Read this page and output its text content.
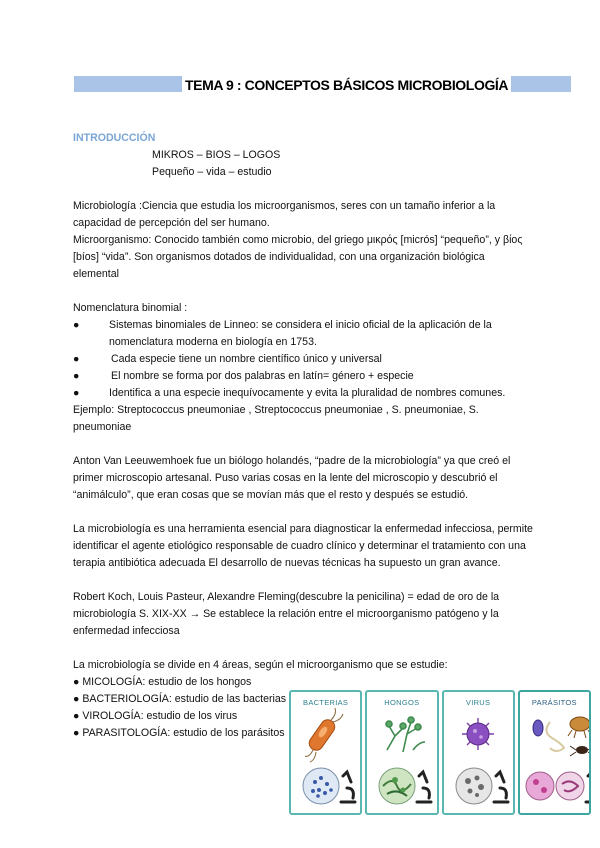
TEMA 9 : CONCEPTOS BÁSICOS MICROBIOLOGÍA

INTRODUCCIÓN

MIKROS – BIOS – LOGOS

Pequeño – vida – estudio

Microbiología :Ciencia que estudia los microorganismos, seres con un tamaño inferior a la capacidad de percepción del ser humano.

Microorganismo: Conocido también como microbio, del griego μικρός [micrós] “pequeño”, y βίος [bíos] “vida”. Son organismos dotados de individualidad, con una organización biológica elemental

Nomenclatura binomial :

●	Sistemas binomiales de Linneo: se considera el inicio oficial de la aplicación de la nomenclatura moderna en biología en 1753.
●	Cada especie tiene un nombre científico único y universal
●	El nombre se forma por dos palabras en latín= género + especie
●	Identifica a una especie inequívocamente y evita la pluralidad de nombres comunes.

Ejemplo: Streptococcus pneumoniae , Streptococcus pneumoniae , S. pneumoniae, S. pneumoniae

Anton Van Leeuwemhoek fue un biólogo holandés, “padre de la microbiología” ya que creó el primer microscopio artesanal. Puso varias cosas en la lente del microscopio y descubrió el “animálculo”, que eran cosas que se movían más que el resto y después se estudió.

La microbiología es una herramienta esencial para diagnosticar la enfermedad infecciosa, permite identificar el agente etiológico responsable de cuadro clínico y determinar el tratamiento con una terapia antibiótica adecuada El desarrollo de nuevas técnicas ha supuesto un gran avance.

Robert Koch, Louis Pasteur, Alexandre Fleming(descubre la penicilina) = edad de oro de la microbiología S. XIX-XX → Se establece la relación entre el microorganismo patógeno y la enfermedad infecciosa

La microbiología se divide en 4 áreas, según el microorganismo que se estudie:

● MICOLOGÍA: estudio de los hongos

● BACTERIOLOGÍA: estudio de las bacterias

● VIROLOGÍA: estudio de los virus

● PARASITOLOGÍA: estudio de los parásitos

BACTERIAS	HONGOS	VIRUS	PARÁSITOS
